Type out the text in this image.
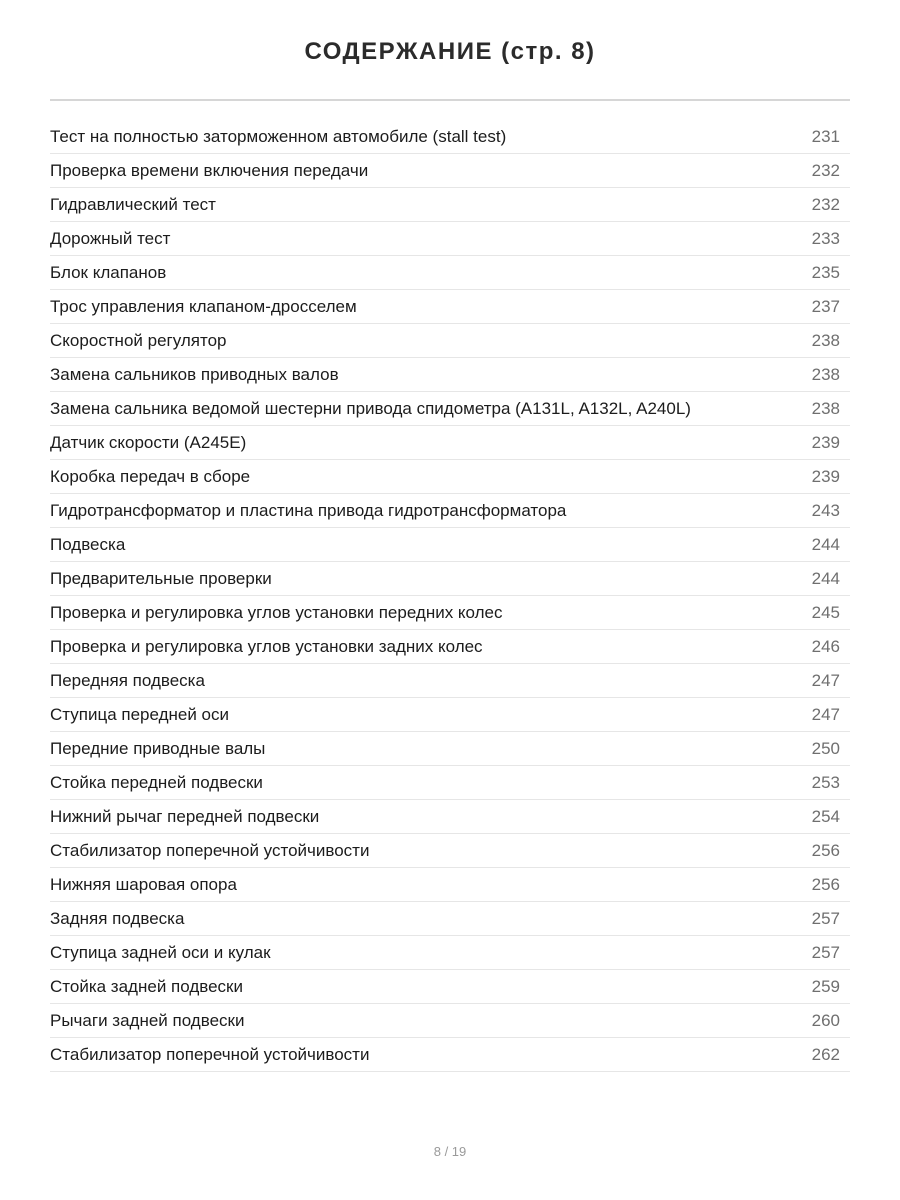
СОДЕРЖАНИЕ (стр. 8)
Тест на полностью заторможенном автомобиле (stall test)	231
Проверка времени включения передачи	232
Гидравлический тест	232
Дорожный тест	233
Блок клапанов	235
Трос управления клапаном-дросселем	237
Скоростной регулятор	238
Замена сальников приводных валов	238
Замена сальника ведомой шестерни привода спидометра (A131L, A132L, A240L)	238
Датчик скорости (A245E)	239
Коробка передач в сборе	239
Гидротрансформатор и пластина привода гидротрансформатора	243
Подвеска	244
Предварительные проверки	244
Проверка и регулировка углов установки передних колес	245
Проверка и регулировка углов установки задних колес	246
Передняя подвеска	247
Ступица передней оси	247
Передние приводные валы	250
Стойка передней подвески	253
Нижний рычаг передней подвески	254
Стабилизатор поперечной устойчивости	256
Нижняя шаровая опора	256
Задняя подвеска	257
Ступица задней оси и кулак	257
Стойка задней подвески	259
Рычаги задней подвески	260
Стабилизатор поперечной устойчивости	262
8 / 19
